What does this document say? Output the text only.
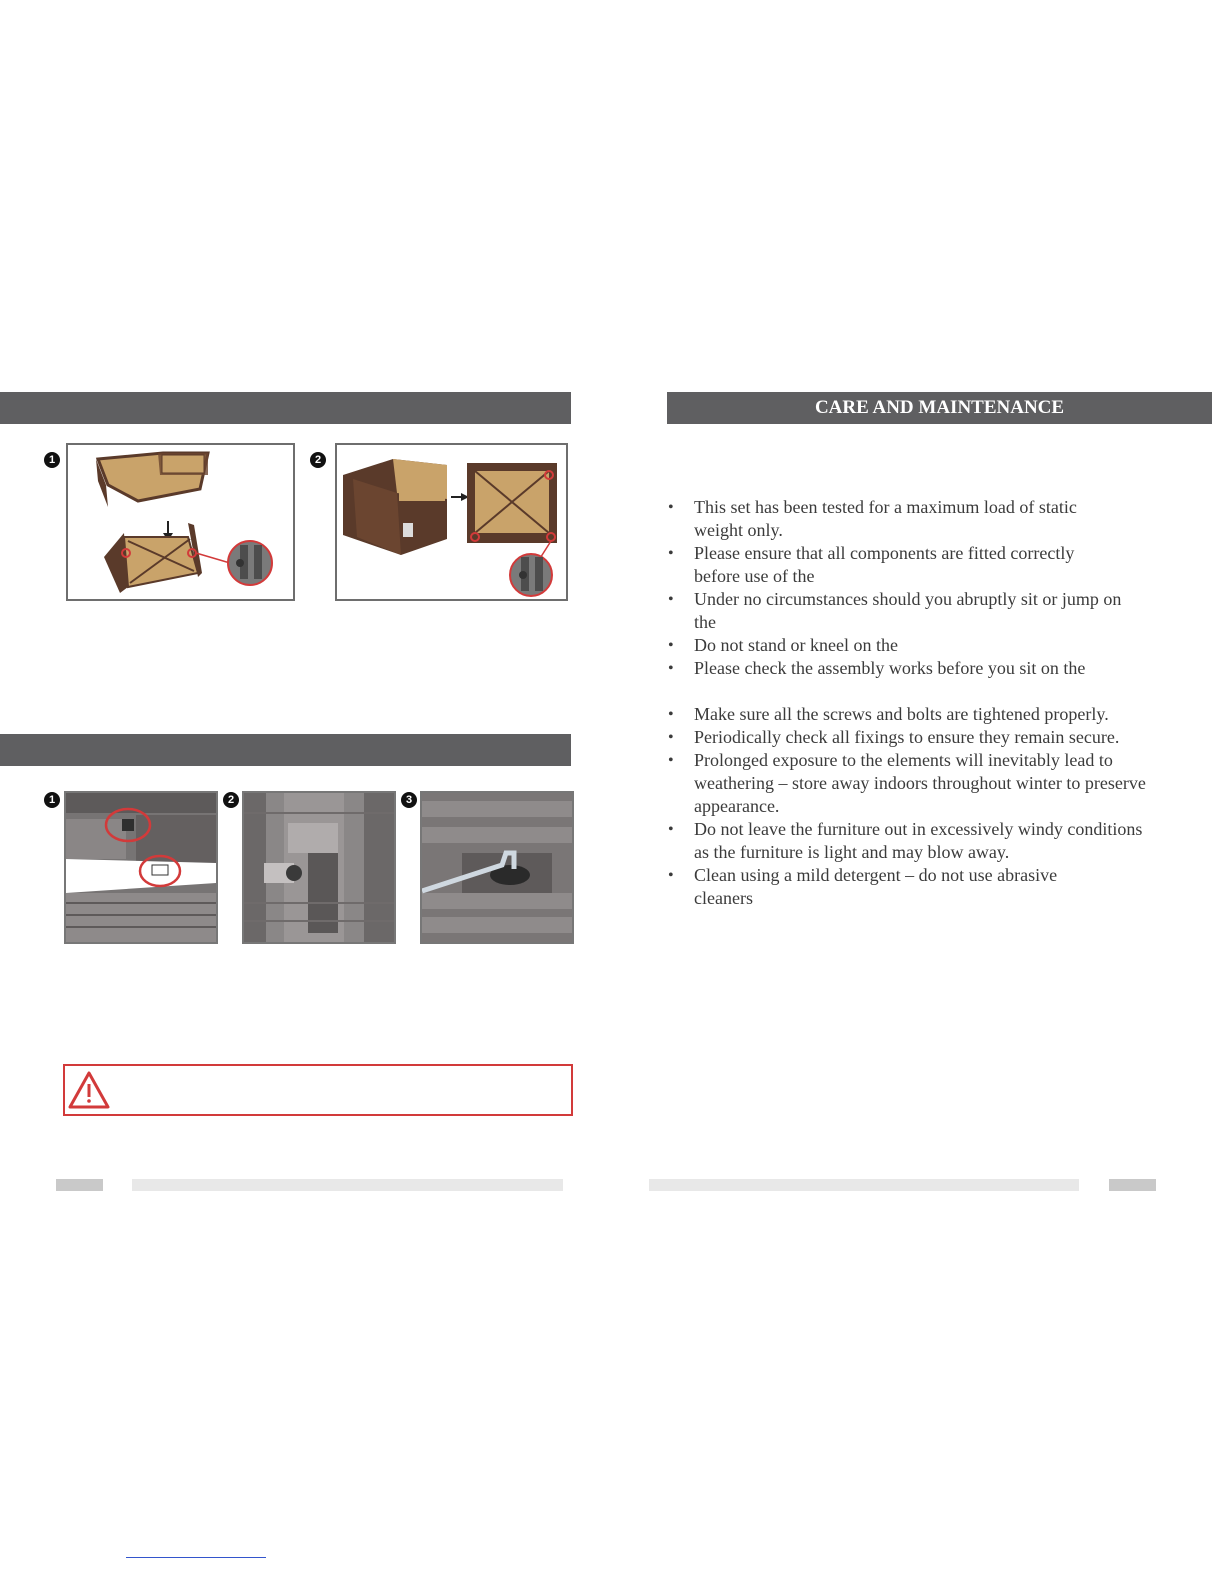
1	2
1	2	3
CARE AND MAINTENANCE
• This set has been tested for a maximum load of static weight only.
• Please ensure that all components are fitted correctly before use of the
• Under no circumstances should you abruptly sit or jump on the
• Do not stand or kneel on the
• Please check the assembly works before you sit on the
• Make sure all the screws and bolts are tightened properly.
• Periodically check all fixings to ensure they remain secure.
• Prolonged exposure to the elements will inevitably lead to weathering – store away indoors throughout winter to preserve appearance.
• Do not leave the furniture out in excessively windy conditions as the furniture is light and may blow away.
• Clean using a mild detergent – do not use abrasive cleaners
